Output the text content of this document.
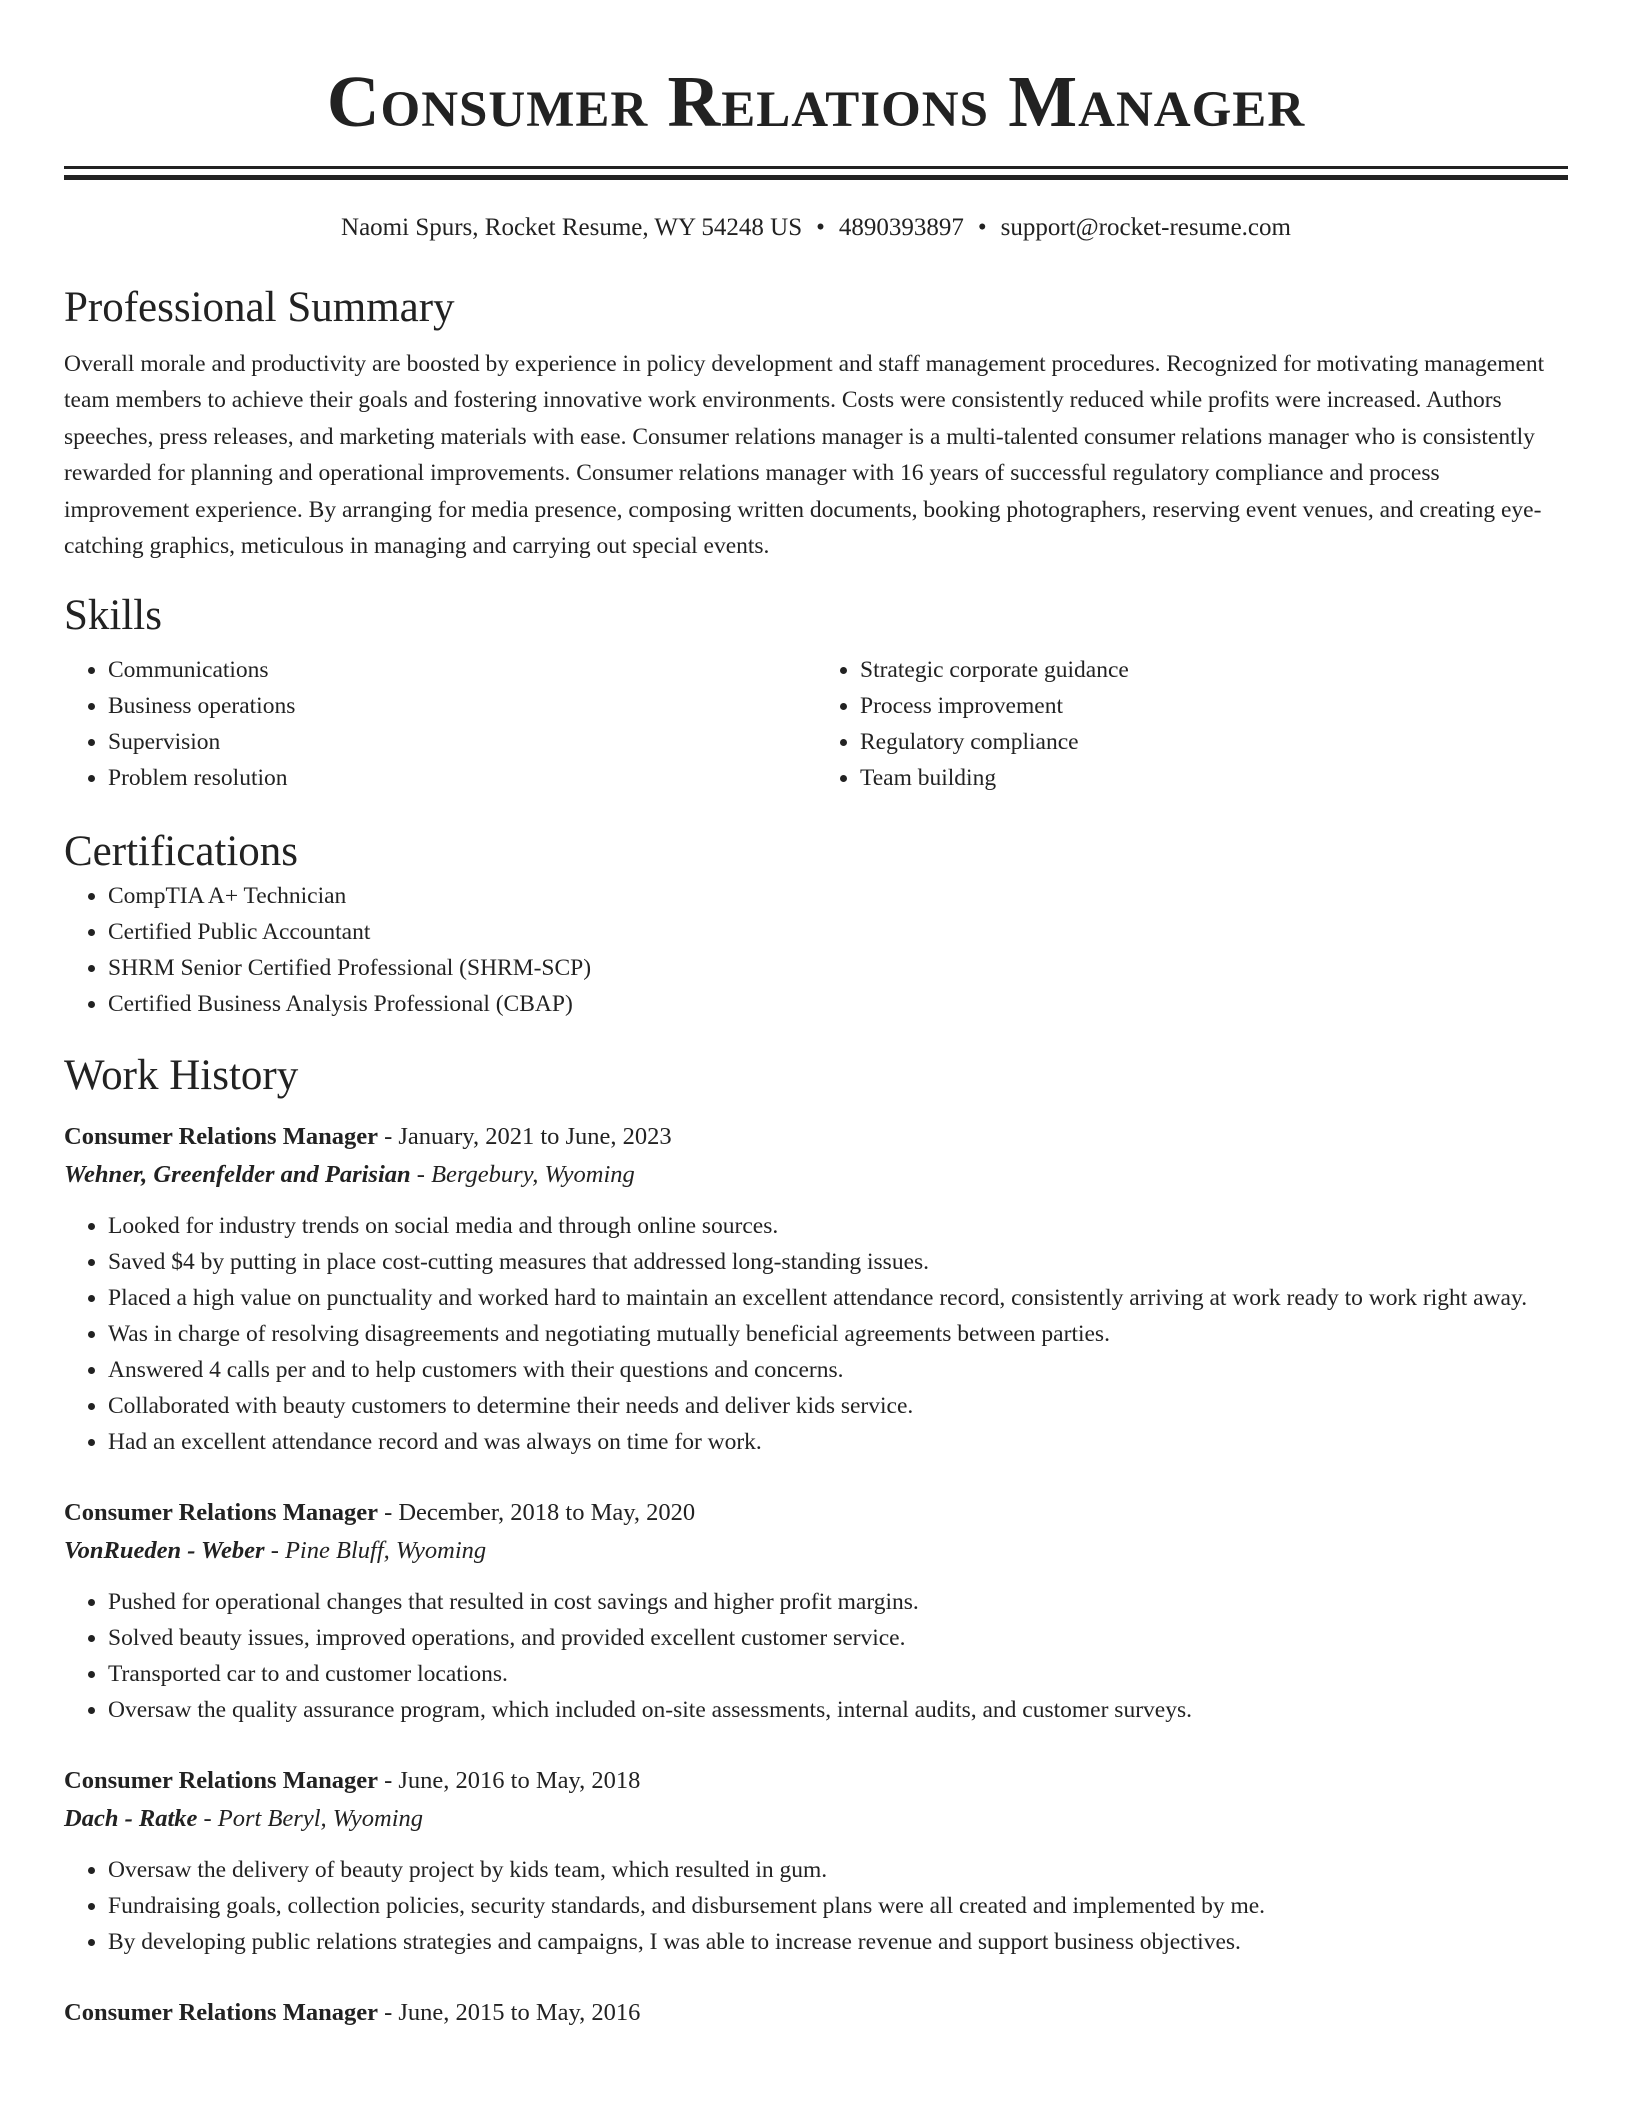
Consumer Relations Manager
Naomi Spurs, Rocket Resume, WY 54248 US • 4890393897 • support@rocket-resume.com
Professional Summary

Overall morale and productivity are boosted by experience in policy development and staff management procedures. Recognized for motivating management team members to achieve their goals and fostering innovative work environments. Costs were consistently reduced while profits were increased. Authors speeches, press releases, and marketing materials with ease. Consumer relations manager is a multi-talented consumer relations manager who is consistently rewarded for planning and operational improvements. Consumer relations manager with 16 years of successful regulatory compliance and process improvement experience. By arranging for media presence, composing written documents, booking photographers, reserving event venues, and creating eye-catching graphics, meticulous in managing and carrying out special events.

Skills
• Communications
• Business operations
• Supervision
• Problem resolution
• Strategic corporate guidance
• Process improvement
• Regulatory compliance
• Team building
Certifications
• CompTIA A+ Technician
• Certified Public Accountant
• SHRM Senior Certified Professional (SHRM-SCP)
• Certified Business Analysis Professional (CBAP)
Work History
Consumer Relations Manager - January, 2021 to June, 2023
Wehner, Greenfelder and Parisian - Bergebury, Wyoming
• Looked for industry trends on social media and through online sources.
• Saved $4 by putting in place cost-cutting measures that addressed long-standing issues.
• Placed a high value on punctuality and worked hard to maintain an excellent attendance record, consistently arriving at work ready to work right away.
• Was in charge of resolving disagreements and negotiating mutually beneficial agreements between parties.
• Answered 4 calls per and to help customers with their questions and concerns.
• Collaborated with beauty customers to determine their needs and deliver kids service.
• Had an excellent attendance record and was always on time for work.
Consumer Relations Manager - December, 2018 to May, 2020
VonRueden - Weber - Pine Bluff, Wyoming
• Pushed for operational changes that resulted in cost savings and higher profit margins.
• Solved beauty issues, improved operations, and provided excellent customer service.
• Transported car to and customer locations.
• Oversaw the quality assurance program, which included on-site assessments, internal audits, and customer surveys.
Consumer Relations Manager - June, 2016 to May, 2018
Dach - Ratke - Port Beryl, Wyoming
• Oversaw the delivery of beauty project by kids team, which resulted in gum.
• Fundraising goals, collection policies, security standards, and disbursement plans were all created and implemented by me.
• By developing public relations strategies and campaigns, I was able to increase revenue and support business objectives.
Consumer Relations Manager - June, 2015 to May, 2016
